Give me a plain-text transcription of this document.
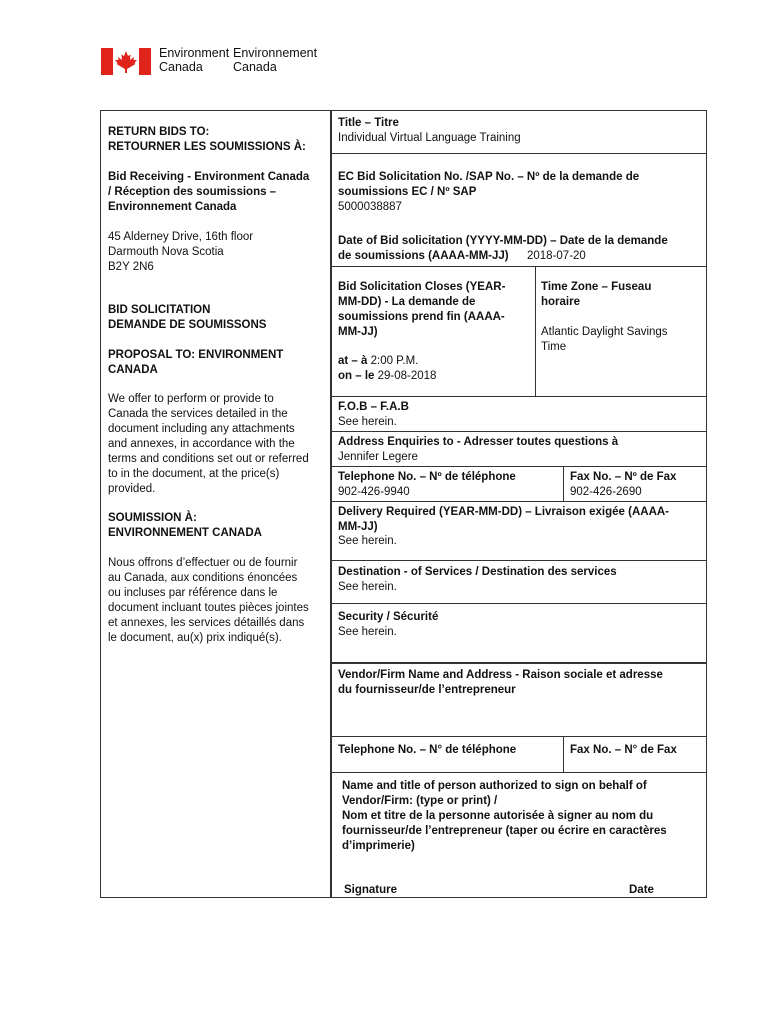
Environment
Canada
Environnement
Canada
RETURN BIDS TO:
RETOURNER LES SOUMISSIONS À:
Bid Receiving - Environment Canada
/ Réception des soumissions –
Environnement Canada
45 Alderney Drive, 16th floor
Darmouth Nova Scotia
B2Y 2N6
BID SOLICITATION
DEMANDE DE SOUMISSONS
PROPOSAL TO: ENVIRONMENT
CANADA
We offer to perform or provide to
Canada the services detailed in the
document including any attachments
and annexes, in accordance with the
terms and conditions set out or referred
to in the document, at the price(s)
provided.
SOUMISSION À:
ENVIRONNEMENT CANADA
Nous offrons d’effectuer ou de fournir
au Canada, aux conditions énoncées
ou incluses par référence dans le
document incluant toutes pièces jointes
et annexes, les services détaillés dans
le document, au(x) prix indiqué(s).
Title – Titre
Individual Virtual Language Training
EC Bid Solicitation No. /SAP No. – Nº de la demande de
soumissions EC / Nº SAP
5000038887
Date of Bid solicitation (YYYY-MM-DD) – Date de la demande
de soumissions (AAAA-MM-JJ)	2018-07-20
Bid Solicitation Closes (YEAR-
MM-DD) - La demande de
soumissions prend fin (AAAA-
MM-JJ)
at – à 2:00 P.M.
on – le 29-08-2018
Time Zone – Fuseau
horaire
Atlantic Daylight Savings
Time
F.O.B – F.A.B
See herein.
Address Enquiries to - Adresser toutes questions à
Jennifer Legere
Telephone No. – Nº de téléphone
902-426-9940
Fax No. – Nº de Fax
902-426-2690
Delivery Required (YEAR-MM-DD) – Livraison exigée (AAAA-
MM-JJ)
See herein.
Destination - of Services / Destination des services
See herein.
Security / Sécurité
See herein.
Vendor/Firm Name and Address - Raison sociale et adresse
du fournisseur/de l’entrepreneur
Telephone No. – N° de téléphone	Fax No. – N° de Fax
Name and title of person authorized to sign on behalf of
Vendor/Firm: (type or print) /
Nom et titre de la personne autorisée à signer au nom du
fournisseur/de l’entrepreneur (taper ou écrire en caractères
d’imprimerie)
Signature	Date
